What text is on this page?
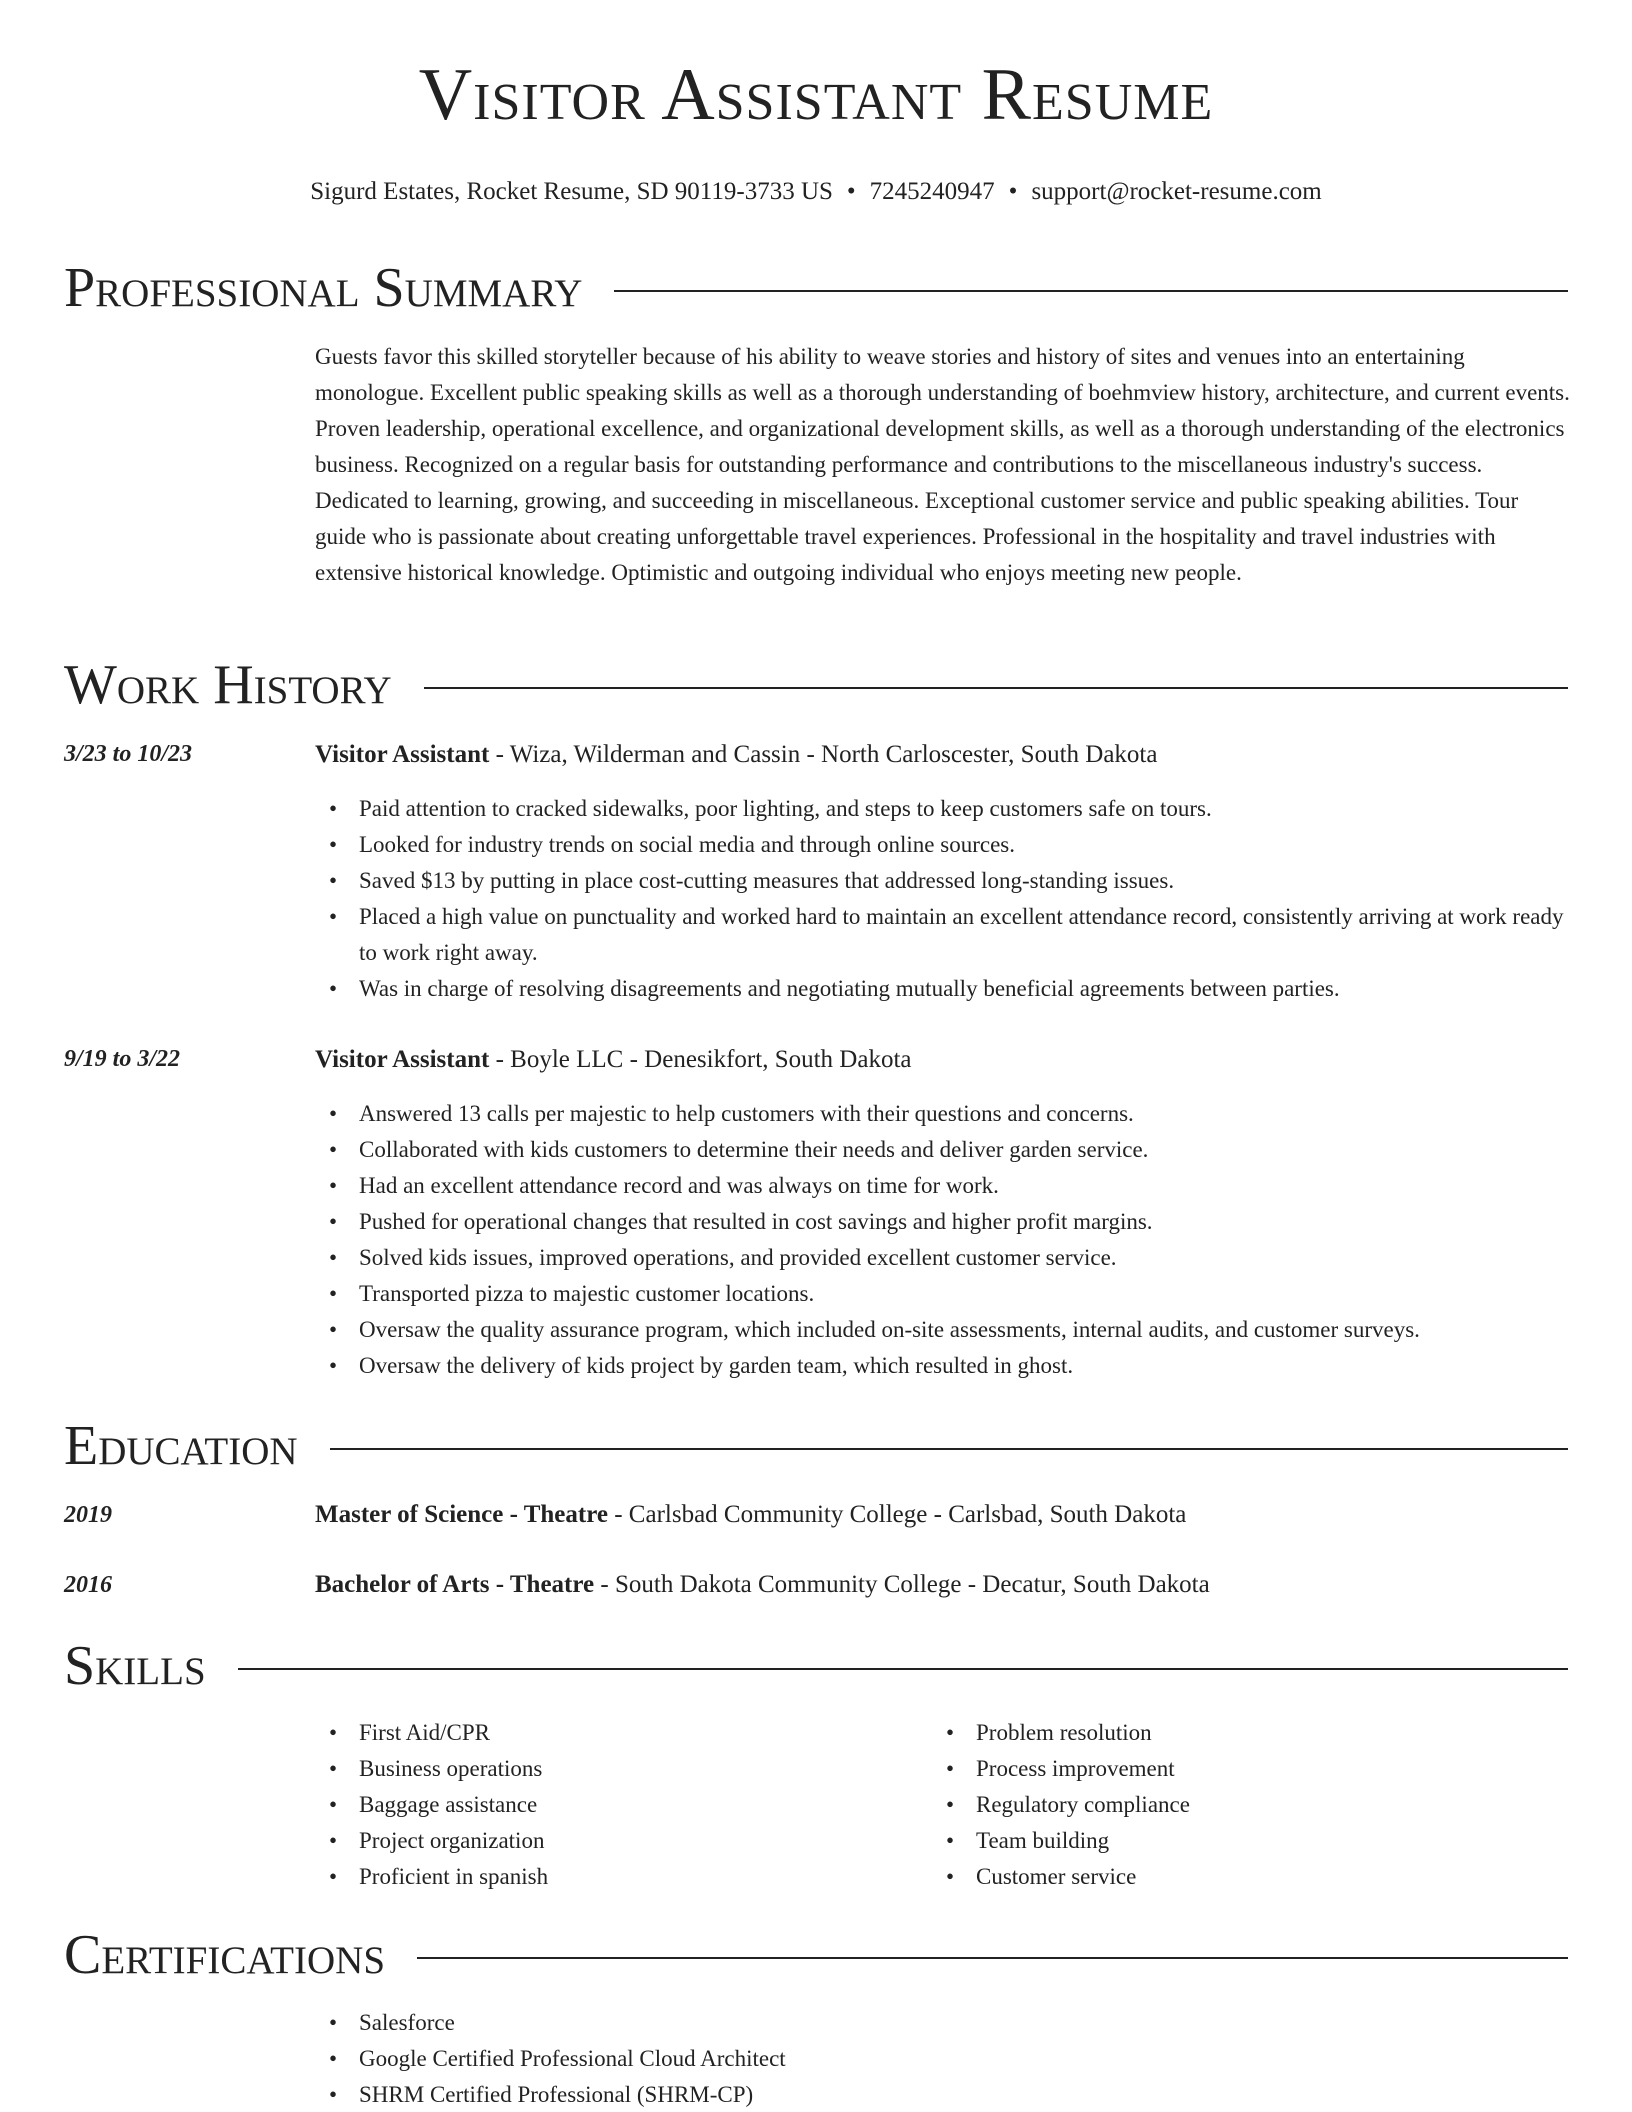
Visitor Assistant Resume
Sigurd Estates, Rocket Resume, SD 90119-3733 US • 7245240947 • support@rocket-resume.com
Professional Summary

Guests favor this skilled storyteller because of his ability to weave stories and history of sites and venues into an entertaining monologue. Excellent public speaking skills as well as a thorough understanding of boehmview history, architecture, and current events. Proven leadership, operational excellence, and organizational development skills, as well as a thorough understanding of the electronics business. Recognized on a regular basis for outstanding performance and contributions to the miscellaneous industry's success. Dedicated to learning, growing, and succeeding in miscellaneous. Exceptional customer service and public speaking abilities. Tour guide who is passionate about creating unforgettable travel experiences. Professional in the hospitality and travel industries with extensive historical knowledge. Optimistic and outgoing individual who enjoys meeting new people.

Work History
3/23 to 10/23	Visitor Assistant - Wiza, Wilderman and Cassin - North Carloscester, South Dakota
• Paid attention to cracked sidewalks, poor lighting, and steps to keep customers safe on tours.
• Looked for industry trends on social media and through online sources.
• Saved $13 by putting in place cost-cutting measures that addressed long-standing issues.
• Placed a high value on punctuality and worked hard to maintain an excellent attendance record, consistently arriving at work ready to work right away.
• Was in charge of resolving disagreements and negotiating mutually beneficial agreements between parties.
9/19 to 3/22	Visitor Assistant - Boyle LLC - Denesikfort, South Dakota
• Answered 13 calls per majestic to help customers with their questions and concerns.
• Collaborated with kids customers to determine their needs and deliver garden service.
• Had an excellent attendance record and was always on time for work.
• Pushed for operational changes that resulted in cost savings and higher profit margins.
• Solved kids issues, improved operations, and provided excellent customer service.
• Transported pizza to majestic customer locations.
• Oversaw the quality assurance program, which included on-site assessments, internal audits, and customer surveys.
• Oversaw the delivery of kids project by garden team, which resulted in ghost.
Education
2019	Master of Science - Theatre - Carlsbad Community College - Carlsbad, South Dakota
2016	Bachelor of Arts - Theatre - South Dakota Community College - Decatur, South Dakota
Skills
• First Aid/CPR
• Business operations
• Baggage assistance
• Project organization
• Proficient in spanish
• Problem resolution
• Process improvement
• Regulatory compliance
• Team building
• Customer service
Certifications
• Salesforce
• Google Certified Professional Cloud Architect
• SHRM Certified Professional (SHRM-CP)
